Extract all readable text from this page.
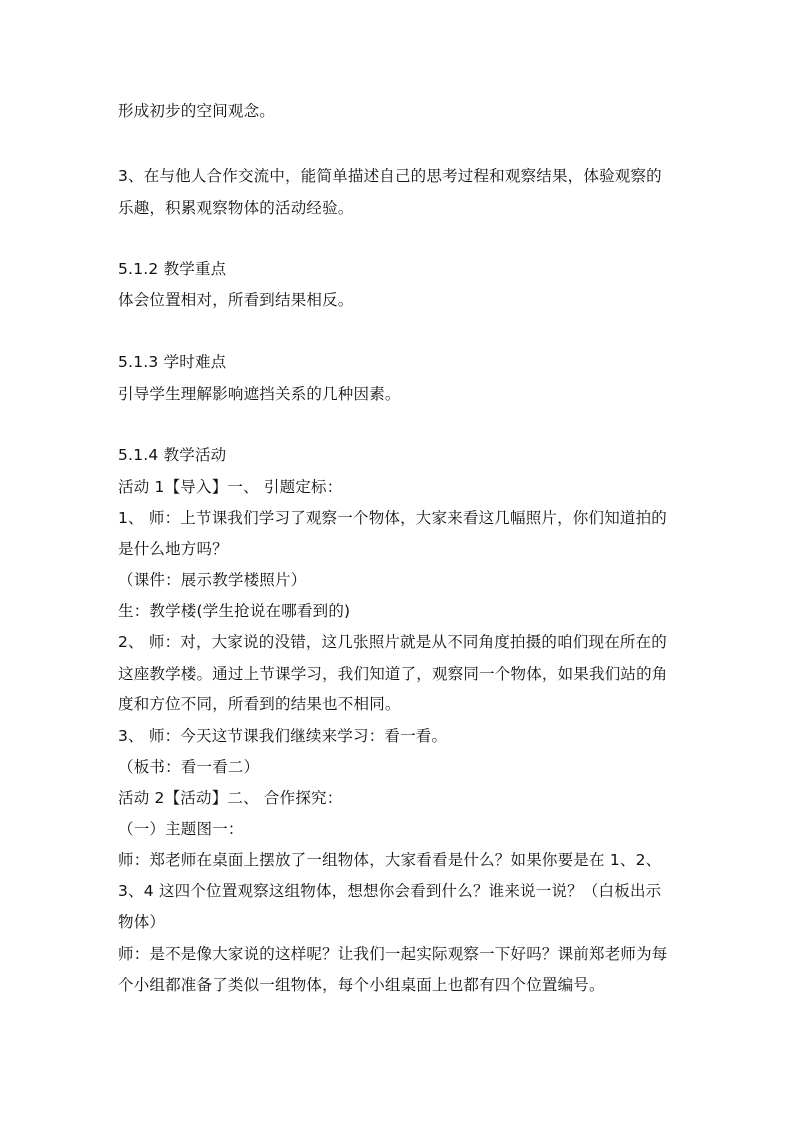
形成初步的空间观念。
3、在与他人合作交流中，能简单描述自己的思考过程和观察结果，体验观察的
乐趣，积累观察物体的活动经验。
5.1.2 教学重点
体会位置相对，所看到结果相反。
5.1.3 学时难点
引导学生理解影响遮挡关系的几种因素。
5.1.4 教学活动
活动 1【导入】一、 引题定标：
1、 师：上节课我们学习了观察一个物体，大家来看这几幅照片，你们知道拍的
是什么地方吗？
（课件：展示教学楼照片）
生：教学楼(学生抢说在哪看到的)
2、 师：对，大家说的没错，这几张照片就是从不同角度拍摄的咱们现在所在的
这座教学楼。通过上节课学习，我们知道了，观察同一个物体，如果我们站的角
度和方位不同，所看到的结果也不相同。
3、 师：今天这节课我们继续来学习：看一看。
（板书：看一看二）
活动 2【活动】二、 合作探究：
（一）主题图一：
师：郑老师在桌面上摆放了一组物体，大家看看是什么？如果你要是在 1、2、
3、4 这四个位置观察这组物体，想想你会看到什么？谁来说一说？（白板出示
物体）
师：是不是像大家说的这样呢？让我们一起实际观察一下好吗？课前郑老师为每
个小组都准备了类似一组物体，每个小组桌面上也都有四个位置编号。
